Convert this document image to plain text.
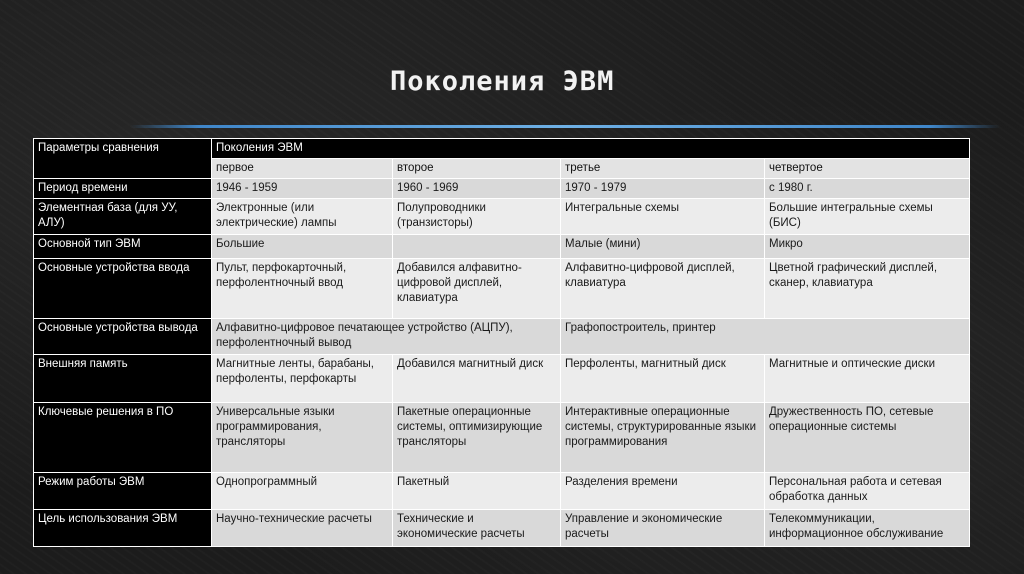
Поколения ЭВМ
Параметры сравнения	Поколения ЭВМ			
	первое	второе	третье	четвертое
Период времени	1946 - 1959	1960 - 1969	1970 - 1979	с 1980 г.
Элементная база (для УУ, АЛУ)	Электронные (или электрические) лампы	Полупроводники (транзисторы)	Интегральные схемы	Большие интегральные схемы (БИС)
Основной тип ЭВМ	Большие		Малые (мини)	Микро
Основные устройства ввода	Пульт, перфокарточный, перфолентночный ввод	Добавился алфавитно-цифровой дисплей, клавиатура	Алфавитно-цифровой дисплей, клавиатура	Цветной графический дисплей, сканер, клавиатура
Основные устройства вывода	Алфавитно-цифровое печатающее устройство (АЦПУ), перфолентночный вывод		Графопостроитель, принтер	
Внешняя память	Магнитные ленты, барабаны, перфоленты, перфокарты	Добавился магнитный диск	Перфоленты, магнитный диск	Магнитные и оптические диски
Ключевые решения в ПО	Универсальные языки программирования, трансляторы	Пакетные операционные системы, оптимизирующие трансляторы	Интерактивные операционные системы, структурированные языки программирования	Дружественность ПО, сетевые операционные системы
Режим работы ЭВМ	Однопрограммный	Пакетный	Разделения времени	Персональная работа и сетевая обработка данных
Цель использования ЭВМ	Научно-технические расчеты	Технические и экономические расчеты	Управление и экономические расчеты	Телекоммуникации, информационное обслуживание
